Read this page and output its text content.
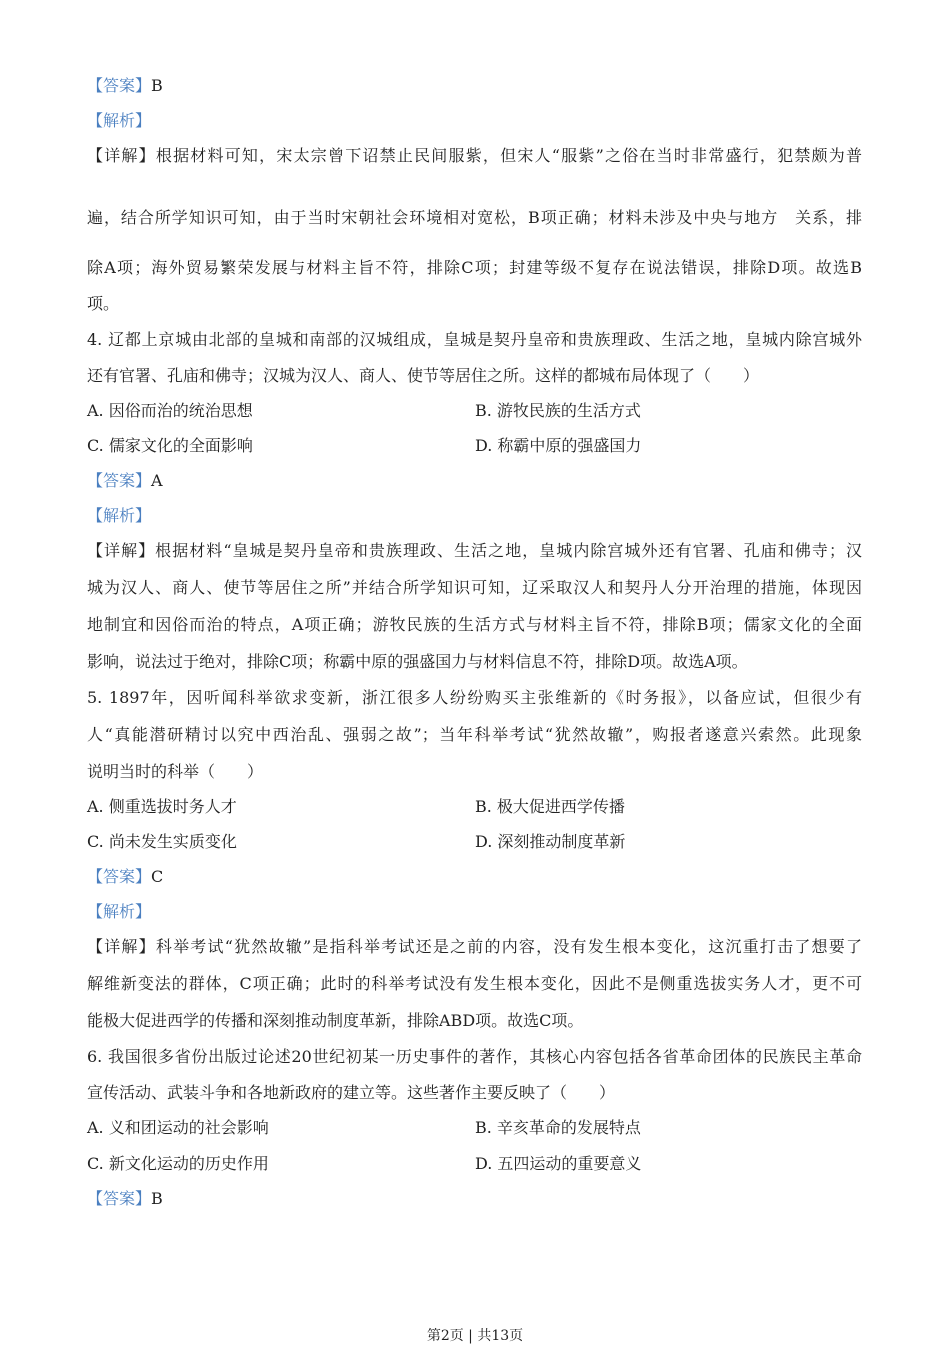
【答案】B
【解析】
【详解】根据材料可知，宋太宗曾下诏禁止民间服紫，但宋人“服紫”之俗在当时非常盛行，犯禁颇为普
遍，结合所学知识可知，由于当时宋朝社会环境相对宽松，B项正确；材料未涉及中央与地方　关系，排
除A项；海外贸易繁荣发展与材料主旨不符，排除C项；封建等级不复存在说法错误，排除D项。故选B
项。
4. 辽都上京城由北部的皇城和南部的汉城组成，皇城是契丹皇帝和贵族理政、生活之地，皇城内除宫城外
还有官署、孔庙和佛寺；汉城为汉人、商人、使节等居住之所。这样的都城布局体现了（　　）
A. 因俗而治的统治思想	B. 游牧民族的生活方式
C. 儒家文化的全面影响	D. 称霸中原的强盛国力
【答案】A
【解析】
【详解】根据材料“皇城是契丹皇帝和贵族理政、生活之地，皇城内除宫城外还有官署、孔庙和佛寺；汉
城为汉人、商人、使节等居住之所”并结合所学知识可知，辽采取汉人和契丹人分开治理的措施，体现因
地制宜和因俗而治的特点，A项正确；游牧民族的生活方式与材料主旨不符，排除B项；儒家文化的全面
影响，说法过于绝对，排除C项；称霸中原的强盛国力与材料信息不符，排除D项。故选A项。
5. 1897年，因听闻科举欲求变新，浙江很多人纷纷购买主张维新的《时务报》，以备应试，但很少有
人“真能潜研精讨以究中西治乱、强弱之故”；当年科举考试“犹然故辙”，购报者遂意兴索然。此现象
说明当时的科举（　　）
A. 侧重选拔时务人才	B. 极大促进西学传播
C. 尚未发生实质变化	D. 深刻推动制度革新
【答案】C
【解析】
【详解】科举考试“犹然故辙”是指科举考试还是之前的内容，没有发生根本变化，这沉重打击了想要了
解维新变法的群体，C项正确；此时的科举考试没有发生根本变化，因此不是侧重选拔实务人才，更不可
能极大促进西学的传播和深刻推动制度革新，排除ABD项。故选C项。
6. 我国很多省份出版过论述20世纪初某一历史事件的著作，其核心内容包括各省革命团体的民族民主革命
宣传活动、武装斗争和各地新政府的建立等。这些著作主要反映了（　　）
A. 义和团运动的社会影响	B. 辛亥革命的发展特点
C. 新文化运动的历史作用	D. 五四运动的重要意义
【答案】B
第2页 | 共13页
